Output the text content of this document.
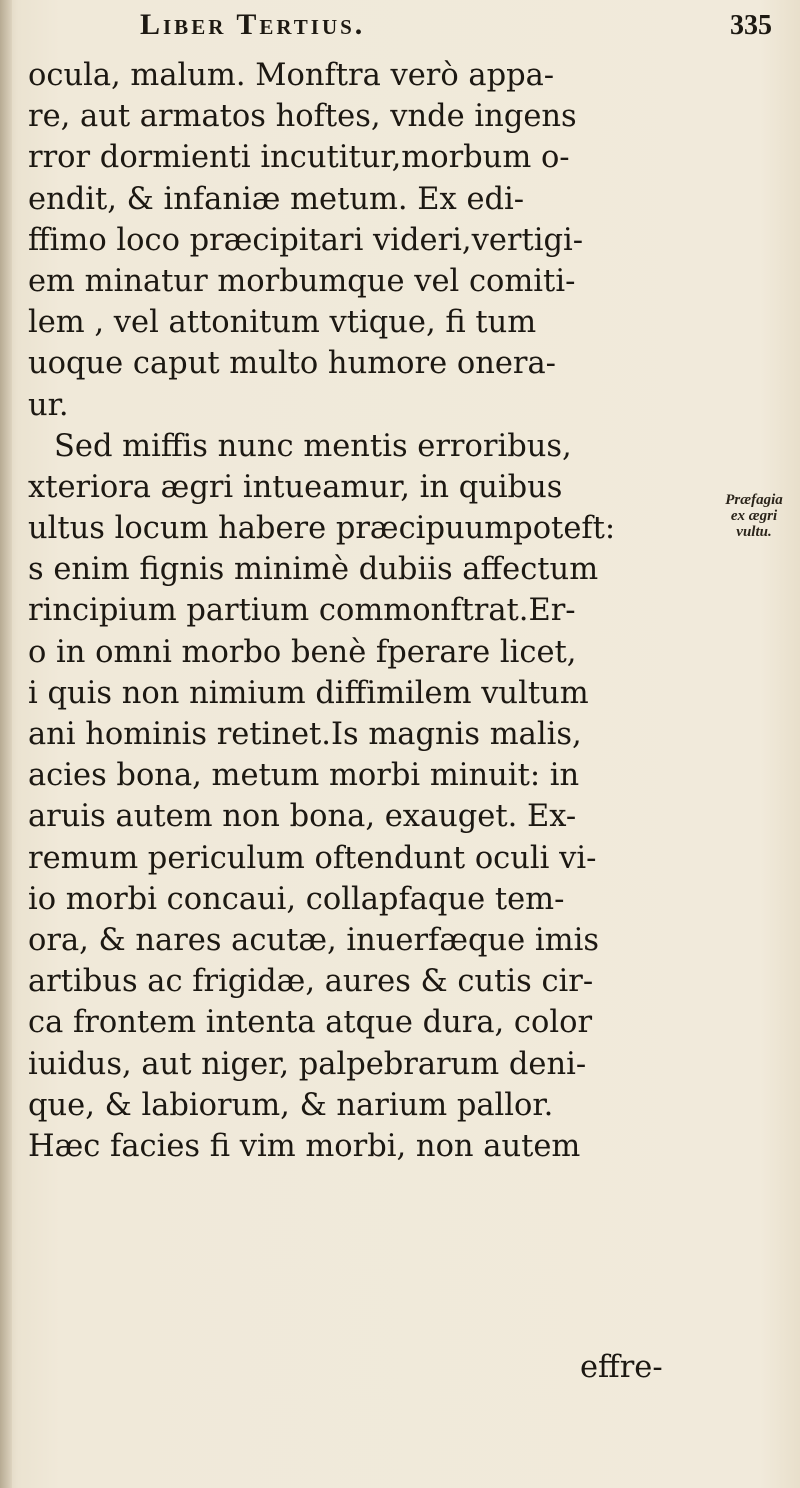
Liber Tertius.	335
ocula, malum. Monftra verò appa-
re, aut armatos hoftes, vnde ingens
rror dormienti incutitur,morbum o-
endit, & infaniæ metum. Ex edi-
ffimo loco præcipitari videri,vertigi-
em minatur morbumque vel comiti-
lem , vel attonitum vtique, fi tum
uoque caput multo humore onera-
ur.
Sed miffis nunc mentis erroribus,
xteriora ægri intueamur, in quibus
ultus locum habere præcipuumpoteft:
s enim fignis minimè dubiis affectum
rincipium partium commonftrat.Er-
o in omni morbo benè fperare licet,
i quis non nimium diffimilem vultum
ani hominis retinet.Is magnis malis,
acies bona, metum morbi minuit: in
aruis autem non bona, exauget. Ex-
remum periculum oftendunt oculi vi-
io morbi concaui, collapfaque tem-
ora, & nares acutæ, inuerfæque imis
artibus ac frigidæ, aures & cutis cir-
ca frontem intenta atque dura, color
iuidus, aut niger, palpebrarum deni-
que, & labiorum, & narium pallor.
Hæc facies fi vim morbi, non autem
Præfagia
ex ægri
vultu.
effre-
